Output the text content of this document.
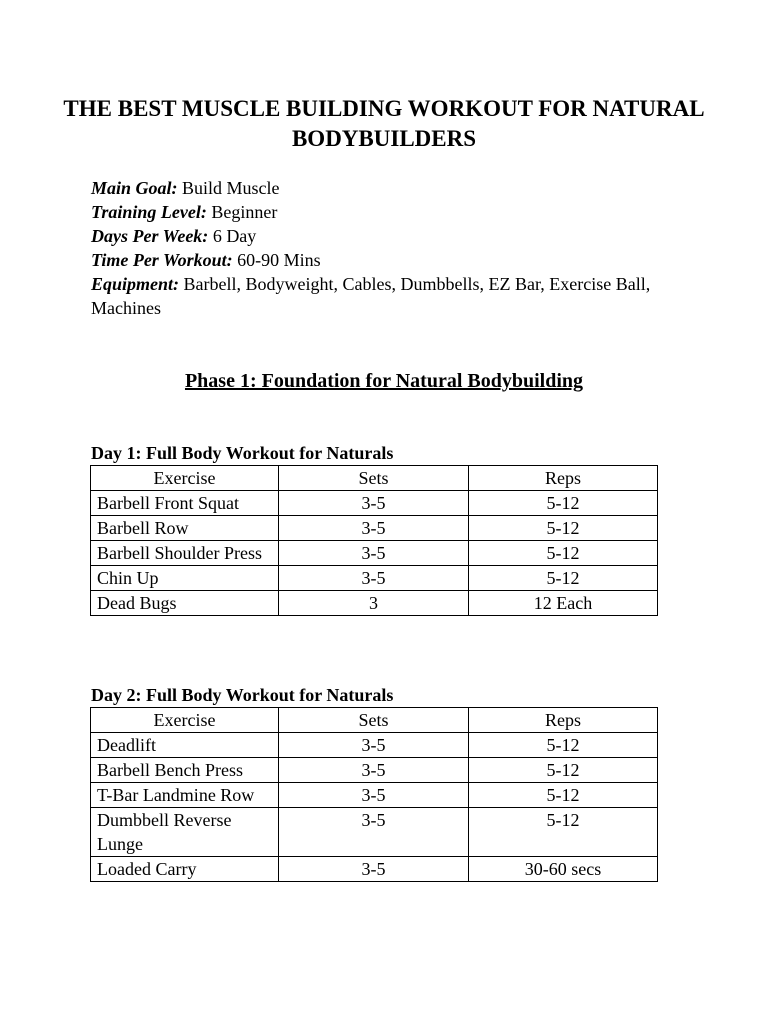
THE BEST MUSCLE BUILDING WORKOUT FOR NATURAL BODYBUILDERS
Main Goal: Build Muscle
Training Level: Beginner
Days Per Week: 6 Day
Time Per Workout: 60-90 Mins
Equipment: Barbell, Bodyweight, Cables, Dumbbells, EZ Bar, Exercise Ball, Machines
Phase 1: Foundation for Natural Bodybuilding
Day 1: Full Body Workout for Naturals
Exercise	Sets	Reps
Barbell Front Squat	3-5	5-12
Barbell Row	3-5	5-12
Barbell Shoulder Press	3-5	5-12
Chin Up	3-5	5-12
Dead Bugs	3	12 Each
Day 2: Full Body Workout for Naturals
Exercise	Sets	Reps
Deadlift	3-5	5-12
Barbell Bench Press	3-5	5-12
T-Bar Landmine Row	3-5	5-12
Dumbbell Reverse Lunge	3-5	5-12
Loaded Carry	3-5	30-60 secs
